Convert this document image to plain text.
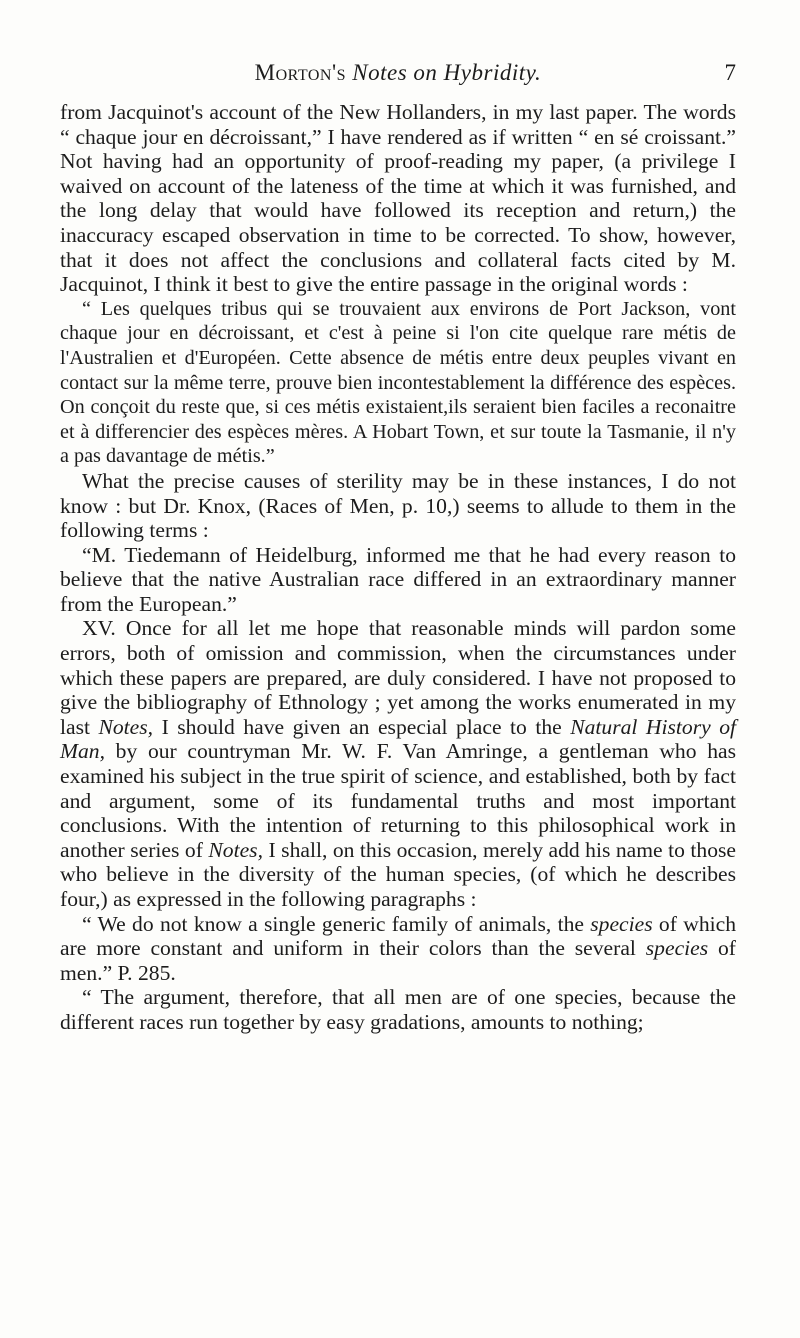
Morton's Notes on Hybridity.	7

from Jacquinot's account of the New Hollanders, in my last paper. The words “ chaque jour en décroissant,” I have rendered as if written “ en sé croissant.” Not having had an opportunity of proof-reading my paper, (a privilege I waived on account of the lateness of the time at which it was furnished, and the long delay that would have followed its reception and return,) the inaccuracy escaped observation in time to be corrected. To show, however, that it does not affect the conclusions and collateral facts cited by M. Jacquinot, I think it best to give the entire passage in the original words :

“ Les quelques tribus qui se trouvaient aux environs de Port Jackson, vont chaque jour en décroissant, et c'est à peine si l'on cite quelque rare métis de l'Australien et d'Européen. Cette absence de métis entre deux peuples vivant en contact sur la même terre, prouve bien incontestablement la différence des espèces. On conçoit du reste que, si ces métis existaient,ils seraient bien faciles a reconaitre et à differencier des espèces mères. A Hobart Town, et sur toute la Tasmanie, il n'y a pas davantage de métis.”

What the precise causes of sterility may be in these instances, I do not know : but Dr. Knox, (Races of Men, p. 10,) seems to allude to them in the following terms :

“M. Tiedemann of Heidelburg, informed me that he had every reason to believe that the native Australian race differed in an extraordinary manner from the European.”

XV. Once for all let me hope that reasonable minds will pardon some errors, both of omission and commission, when the circumstances under which these papers are prepared, are duly considered. I have not proposed to give the bibliography of Ethnology ; yet among the works enumerated in my last Notes, I should have given an especial place to the Natural History of Man, by our countryman Mr. W. F. Van Amringe, a gentleman who has examined his subject in the true spirit of science, and established, both by fact and argument, some of its fundamental truths and most important conclusions. With the intention of returning to this philosophical work in another series of Notes, I shall, on this occasion, merely add his name to those who believe in the diversity of the human species, (of which he describes four,) as expressed in the following paragraphs :

“ We do not know a single generic family of animals, the species of which are more constant and uniform in their colors than the several species of men.” P. 285.

“ The argument, therefore, that all men are of one species, because the different races run together by easy gradations, amounts to nothing;
